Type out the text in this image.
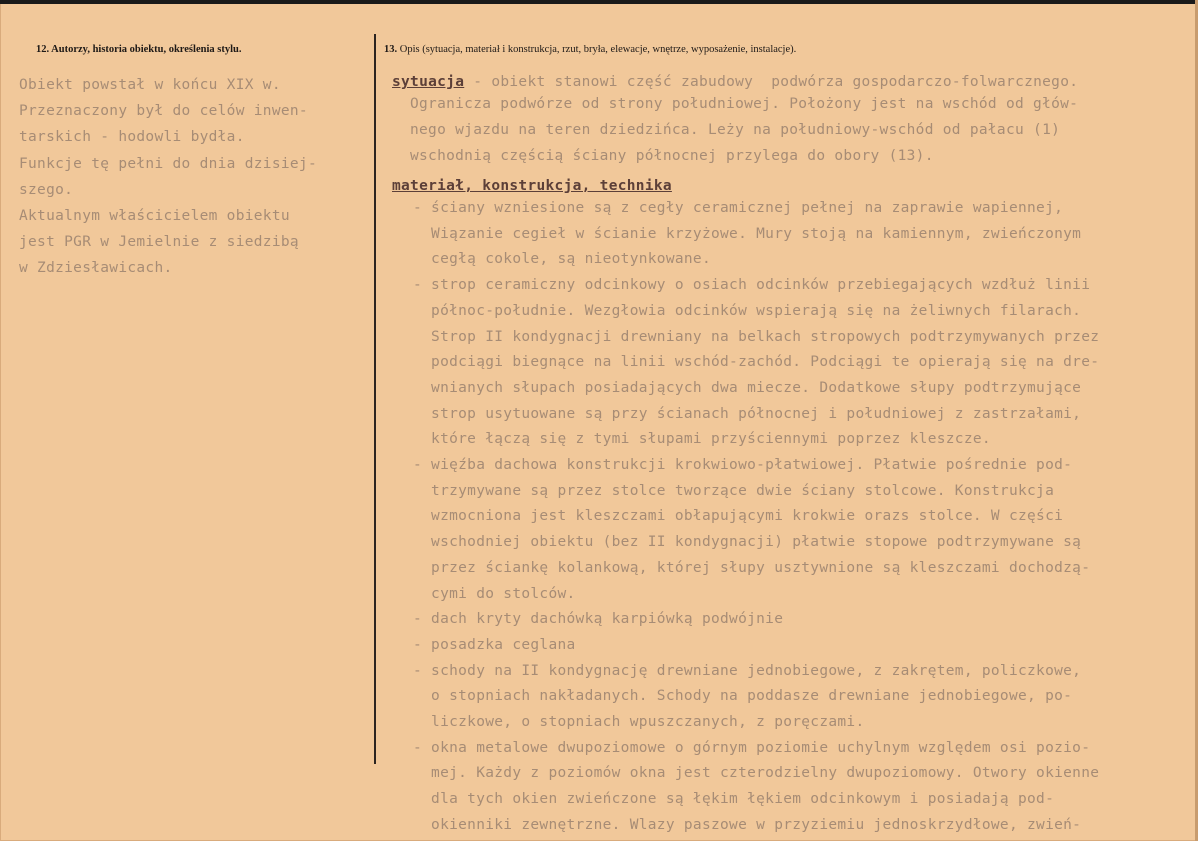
12. Autorzy, historia obiektu, określenia stylu.
Obiekt powstał w końcu XIX w.
Przeznaczony był do celów inwen-
tarskich - hodowli bydła.
Funkcje tę pełni do dnia dzisiej-
szego.
Aktualnym właścicielem obiektu
jest PGR w Jemielnie z siedzibą
w Zdziesławicach.
13. Opis (sytuacja, materiał i konstrukcja, rzut, bryła, elewacje, wnętrze, wyposażenie, instalacje).
sytuacja - obiekt stanowi część zabudowy  podwórza gospodarczo-folwarcznego.
Ogranicza podwórze od strony południowej. Położony jest na wschód od głów-
nego wjazdu na teren dziedzińca. Leży na południowy-wschód od pałacu (1)
wschodnią częścią ściany północnej przylega do obory (13).
materiał, konstrukcja, technika
- ściany wzniesione są z cegły ceramicznej pełnej na zaprawie wapiennej,
Wiązanie cegieł w ścianie krzyżowe. Mury stoją na kamiennym, zwieńczonym
cegłą cokole, są nieotynkowane.
- strop ceramiczny odcinkowy o osiach odcinków przebiegających wzdłuż linii
północ-południe. Wezgłowia odcinków wspierają się na żeliwnych filarach.
Strop II kondygnacji drewniany na belkach stropowych podtrzymywanych przez
podciągi biegnące na linii wschód-zachód. Podciągi te opierają się na dre-
wnianych słupach posiadających dwa miecze. Dodatkowe słupy podtrzymujące
strop usytuowane są przy ścianach północnej i południowej z zastrzałami,
które łączą się z tymi słupami przyściennymi poprzez kleszcze.
- więźba dachowa konstrukcji krokwiowo-płatwiowej. Płatwie pośrednie pod-
trzymywane są przez stolce tworzące dwie ściany stolcowe. Konstrukcja
wzmocniona jest kleszczami obłapującymi krokwie orazs stolce. W części
wschodniej obiektu (bez II kondygnacji) płatwie stopowe podtrzymywane są
przez ściankę kolankową, której słupy usztywnione są kleszczami dochodzą-
cymi do stolców.
- dach kryty dachówką karpiówką podwójnie
- posadzka ceglana
- schody na II kondygnację drewniane jednobiegowe, z zakrętem, policzkowe,
o stopniach nakładanych. Schody na poddasze drewniane jednobiegowe, po-
liczkowe, o stopniach wpuszczanych, z poręczami.
- okna metalowe dwupoziomowe o górnym poziomie uchylnym względem osi pozio-
mej. Każdy z poziomów okna jest czterodzielny dwupoziomowy. Otwory okienne
dla tych okien zwieńczone są łękim łękiem odcinkowym i posiadają pod-
okienniki zewnętrzne. Wlazy paszowe w przyziemiu jednoskrzydłowe, zwień-
